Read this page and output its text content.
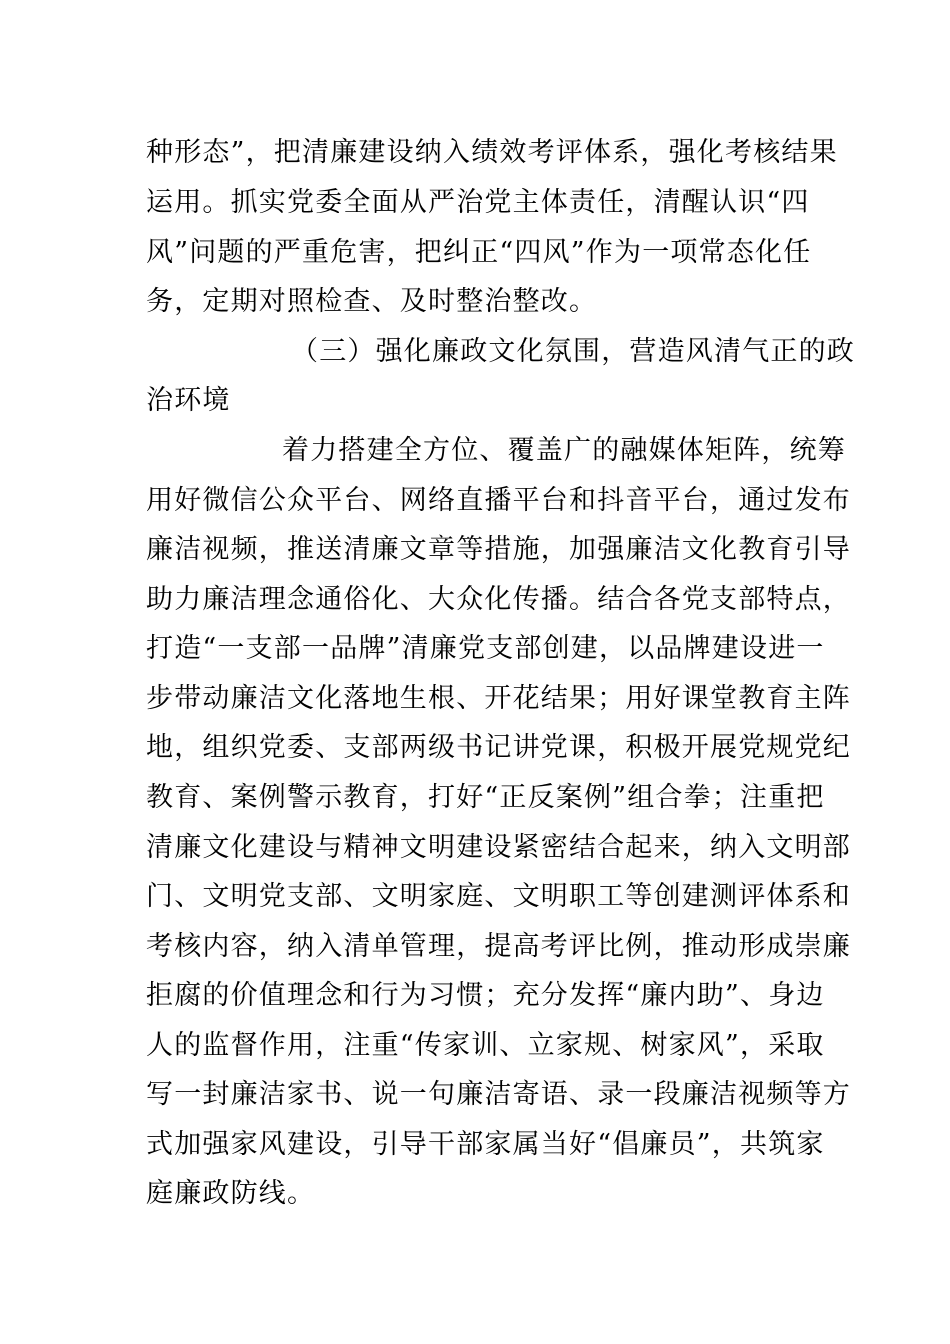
种形态”，把清廉建设纳入绩效考评体系，强化考核结果
运用。抓实党委全面从严治党主体责任，清醒认识“四
风”问题的严重危害，把纠正“四风”作为一项常态化任
务，定期对照检查、及时整治整改。
（三）强化廉政文化氛围，营造风清气正的政
治环境
着力搭建全方位、覆盖广的融媒体矩阵，统筹
用好微信公众平台、网络直播平台和抖音平台，通过发布
廉洁视频，推送清廉文章等措施，加强廉洁文化教育引导
助力廉洁理念通俗化、大众化传播。结合各党支部特点，
打造“一支部一品牌”清廉党支部创建，以品牌建设进一
步带动廉洁文化落地生根、开花结果；用好课堂教育主阵
地，组织党委、支部两级书记讲党课，积极开展党规党纪
教育、案例警示教育，打好“正反案例”组合拳；注重把
清廉文化建设与精神文明建设紧密结合起来，纳入文明部
门、文明党支部、文明家庭、文明职工等创建测评体系和
考核内容，纳入清单管理，提高考评比例，推动形成崇廉
拒腐的价值理念和行为习惯；充分发挥“廉内助”、身边
人的监督作用，注重“传家训、立家规、树家风”，采取
写一封廉洁家书、说一句廉洁寄语、录一段廉洁视频等方
式加强家风建设，引导干部家属当好“倡廉员”，共筑家
庭廉政防线。
